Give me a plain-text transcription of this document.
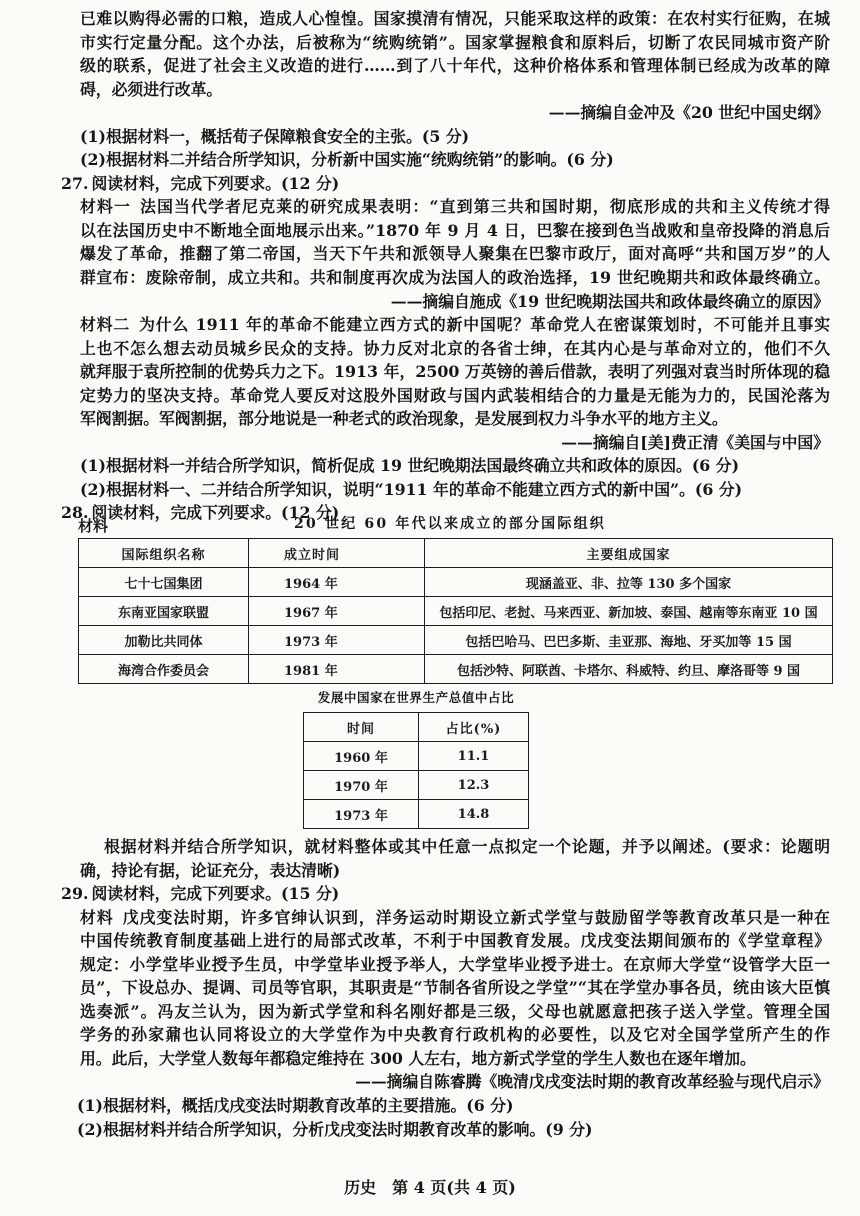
已难以购得必需的口粮，造成人心惶惶。国家摸清有情况，只能采取这样的政策：在农村实行征购，在城
市实行定量分配。这个办法，后被称为“统购统销”。国家掌握粮食和原料后，切断了农民同城市资产阶
级的联系，促进了社会主义改造的进行……到了八十年代，这种价格体系和管理体制已经成为改革的障
碍，必须进行改革。
——摘编自金冲及《20 世纪中国史纲》
(1)根据材料一，概括荀子保障粮食安全的主张。(5 分)
(2)根据材料二并结合所学知识，分析新中国实施“统购统销”的影响。(6 分)
27. 阅读材料，完成下列要求。(12 分)
材料一 法国当代学者尼克莱的研究成果表明：“直到第三共和国时期，彻底形成的共和主义传统才得
以在法国历史中不断地全面地展示出来。”1870 年 9 月 4 日，巴黎在接到色当战败和皇帝投降的消息后
爆发了革命，推翻了第二帝国，当天下午共和派领导人聚集在巴黎市政厅，面对高呼“共和国万岁”的人
群宣布：废除帝制，成立共和。共和制度再次成为法国人的政治选择，19 世纪晚期共和政体最终确立。
——摘编自施成《19 世纪晚期法国共和政体最终确立的原因》
材料二 为什么 1911 年的革命不能建立西方式的新中国呢？革命党人在密谋策划时，不可能并且事实
上也不怎么想去动员城乡民众的支持。协力反对北京的各省士绅，在其内心是与革命对立的，他们不久
就拜服于袁所控制的优势兵力之下。1913 年，2500 万英镑的善后借款，表明了列强对袁当时所体现的稳
定势力的坚决支持。革命党人要反对这股外国财政与国内武装相结合的力量是无能为力的，民国沦落为
军阀割据。军阀割据，部分地说是一种老式的政治现象，是发展到权力斗争水平的地方主义。
——摘编自[美]费正清《美国与中国》
(1)根据材料一并结合所学知识，简析促成 19 世纪晚期法国最终确立共和政体的原因。(6 分)
(2)根据材料一、二并结合所学知识，说明“1911 年的革命不能建立西方式的新中国”。(6 分)
28. 阅读材料，完成下列要求。(12 分)
材料	20 世纪 60 年代以来成立的部分国际组织
国际组织名称	成立时间	主要组成国家
七十七国集团	1964 年	现涵盖亚、非、拉等 130 多个国家
东南亚国家联盟	1967 年	包括印尼、老挝、马来西亚、新加坡、泰国、越南等东南亚 10 国
加勒比共同体	1973 年	包括巴哈马、巴巴多斯、圭亚那、海地、牙买加等 15 国
海湾合作委员会	1981 年	包括沙特、阿联酋、卡塔尔、科威特、约旦、摩洛哥等 9 国
发展中国家在世界生产总值中占比
时间	占比(%)
1960 年	11.1
1970 年	12.3
1973 年	14.8
根据材料并结合所学知识，就材料整体或其中任意一点拟定一个论题，并予以阐述。(要求：论题明
确，持论有据，论证充分，表达清晰)
29. 阅读材料，完成下列要求。(15 分)
材料 戊戌变法时期，许多官绅认识到，洋务运动时期设立新式学堂与鼓励留学等教育改革只是一种在
中国传统教育制度基础上进行的局部式改革，不利于中国教育发展。戊戌变法期间颁布的《学堂章程》
规定：小学堂毕业授予生员，中学堂毕业授予举人，大学堂毕业授予进士。在京师大学堂“设管学大臣一
员”，下设总办、提调、司员等官职，其职责是“节制各省所设之学堂”“其在学堂办事各员，统由该大臣慎
选奏派”。冯友兰认为，因为新式学堂和科名刚好都是三级，父母也就愿意把孩子送入学堂。管理全国
学务的孙家鼐也认同将设立的大学堂作为中央教育行政机构的必要性，以及它对全国学堂所产生的作
用。此后，大学堂人数每年都稳定维持在 300 人左右，地方新式学堂的学生人数也在逐年增加。
——摘编自陈睿腾《晚清戊戌变法时期的教育改革经验与现代启示》
(1)根据材料，概括戊戌变法时期教育改革的主要措施。(6 分)
(2)根据材料并结合所学知识，分析戊戌变法时期教育改革的影响。(9 分)
历史　第 4 页(共 4 页)
